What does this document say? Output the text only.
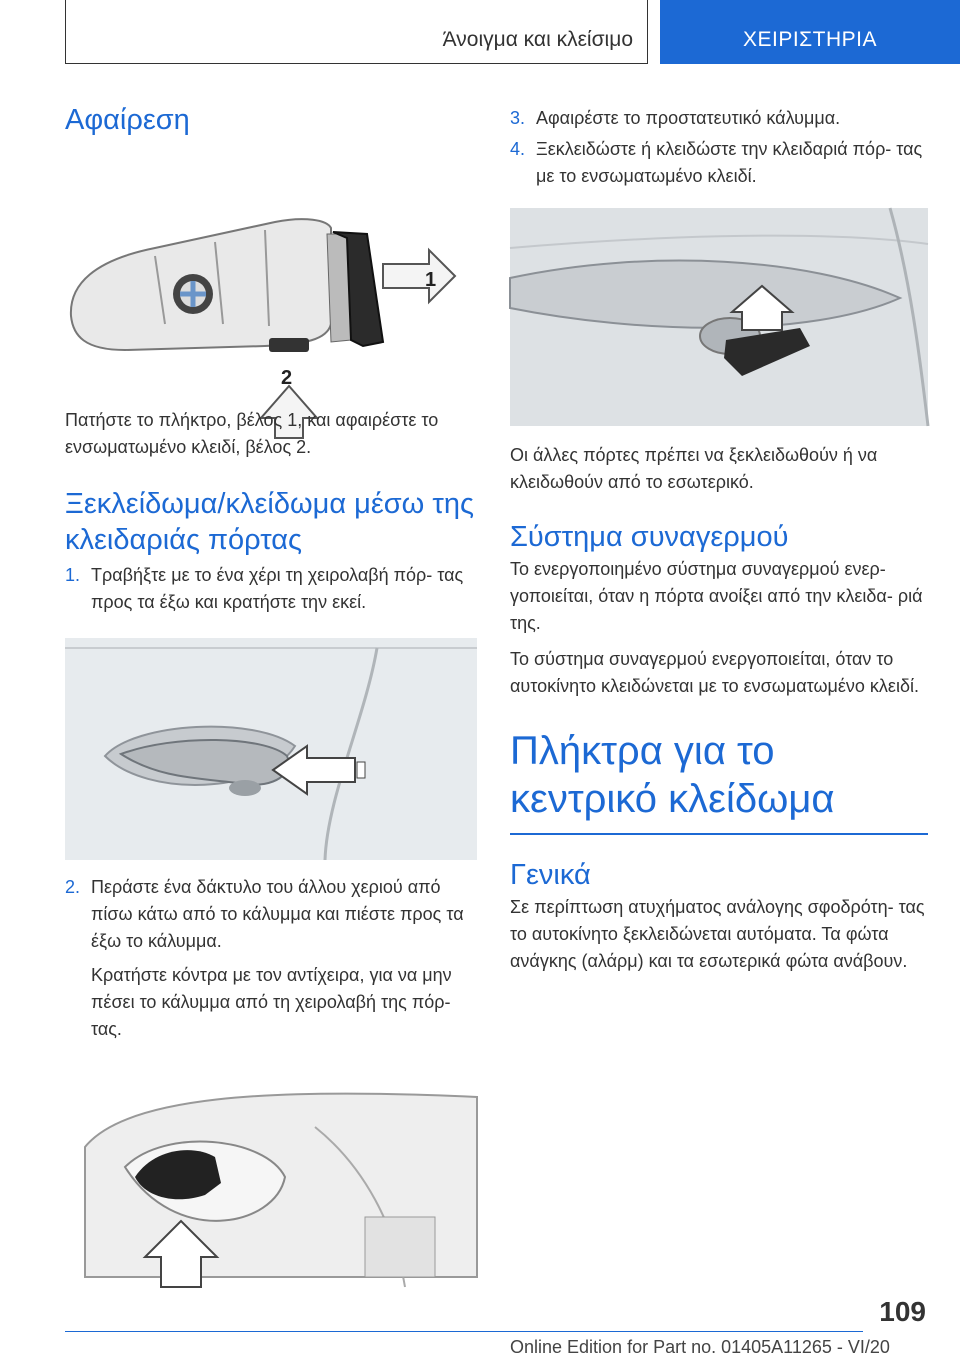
Άνοιγμα και κλείσιμο	ΧΕΙΡΙΣΤΗΡΙΑ
Αφαίρεση
1
2

Πατήστε το πλήκτρο, βέλος 1, και αφαιρέστε το ενσωματωμένο κλειδί, βέλος 2.

Ξεκλείδωμα/κλείδωμα μέσω της κλειδαριάς πόρτας
1. Τραβήξτε με το ένα χέρι τη χειρολαβή πόρ- τας προς τα έξω και κρατήστε την εκεί.
2. Περάστε ένα δάκτυλο του άλλου χεριού από πίσω κάτω από το κάλυμμα και πιέστε προς τα έξω το κάλυμμα.
Κρατήστε κόντρα με τον αντίχειρα, για να μην πέσει το κάλυμμα από τη χειρολαβή της πόρ- τας.
3. Αφαιρέστε το προστατευτικό κάλυμμα.
4. Ξεκλειδώστε ή κλειδώστε την κλειδαριά πόρ- τας με το ενσωματωμένο κλειδί.

Οι άλλες πόρτες πρέπει να ξεκλειδωθούν ή να κλειδωθούν από το εσωτερικό.

Σύστημα συναγερμού

Το ενεργοποιημένο σύστημα συναγερμού ενερ- γοποιείται, όταν η πόρτα ανοίξει από την κλειδα- ριά της.

Το σύστημα συναγερμού ενεργοποιείται, όταν το αυτοκίνητο κλειδώνεται με το ενσωματωμένο κλειδί.

Πλήκτρα για το κεντρικό κλείδωμα
Γενικά

Σε περίπτωση ατυχήματος ανάλογης σφοδρότη- τας το αυτοκίνητο ξεκλειδώνεται αυτόματα. Τα φώτα ανάγκης (αλάρμ) και τα εσωτερικά φώτα ανάβουν.

109
Online Edition for Part no. 01405A11265 - VI/20
